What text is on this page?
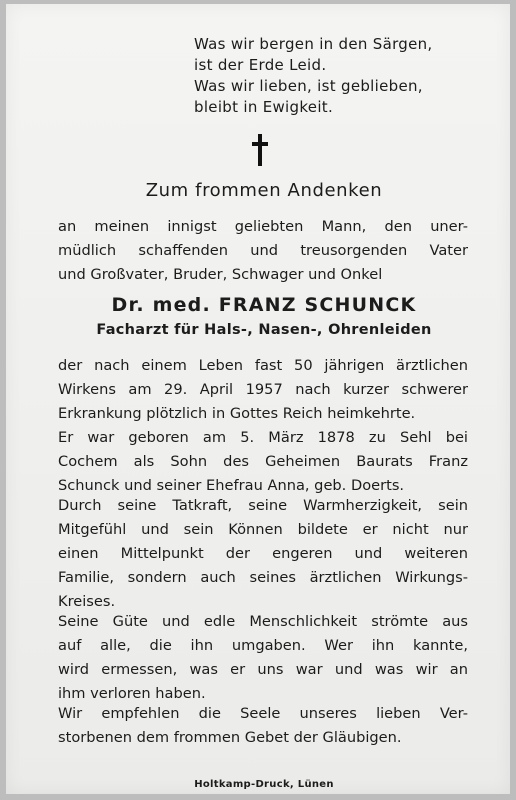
Was wir bergen in den Särgen,
ist der Erde Leid.
Was wir lieben, ist geblieben,
bleibt in Ewigkeit.
Zum frommen Andenken
an meinen innigst geliebten Mann, den uner-
müdlich schaffenden und treusorgenden Vater
und Großvater, Bruder, Schwager und Onkel
Dr. med. FRANZ SCHUNCK
Facharzt für Hals-, Nasen-, Ohrenleiden
der nach einem Leben fast 50 jährigen ärztlichen
Wirkens am 29. April 1957 nach kurzer schwerer
Erkrankung plötzlich in Gottes Reich heimkehrte.
Er war geboren am 5. März 1878 zu Sehl bei
Cochem als Sohn des Geheimen Baurats Franz
Schunck und seiner Ehefrau Anna, geb. Doerts.
Durch seine Tatkraft, seine Warmherzigkeit, sein
Mitgefühl und sein Können bildete er nicht nur
einen Mittelpunkt der engeren und weiteren
Familie, sondern auch seines ärztlichen Wirkungs-
Kreises.
Seine Güte und edle Menschlichkeit strömte aus
auf alle, die ihn umgaben. Wer ihn kannte,
wird ermessen, was er uns war und was wir an
ihm verloren haben.
Wir empfehlen die Seele unseres lieben Ver-
storbenen dem frommen Gebet der Gläubigen.
Holtkamp-Druck, Lünen
